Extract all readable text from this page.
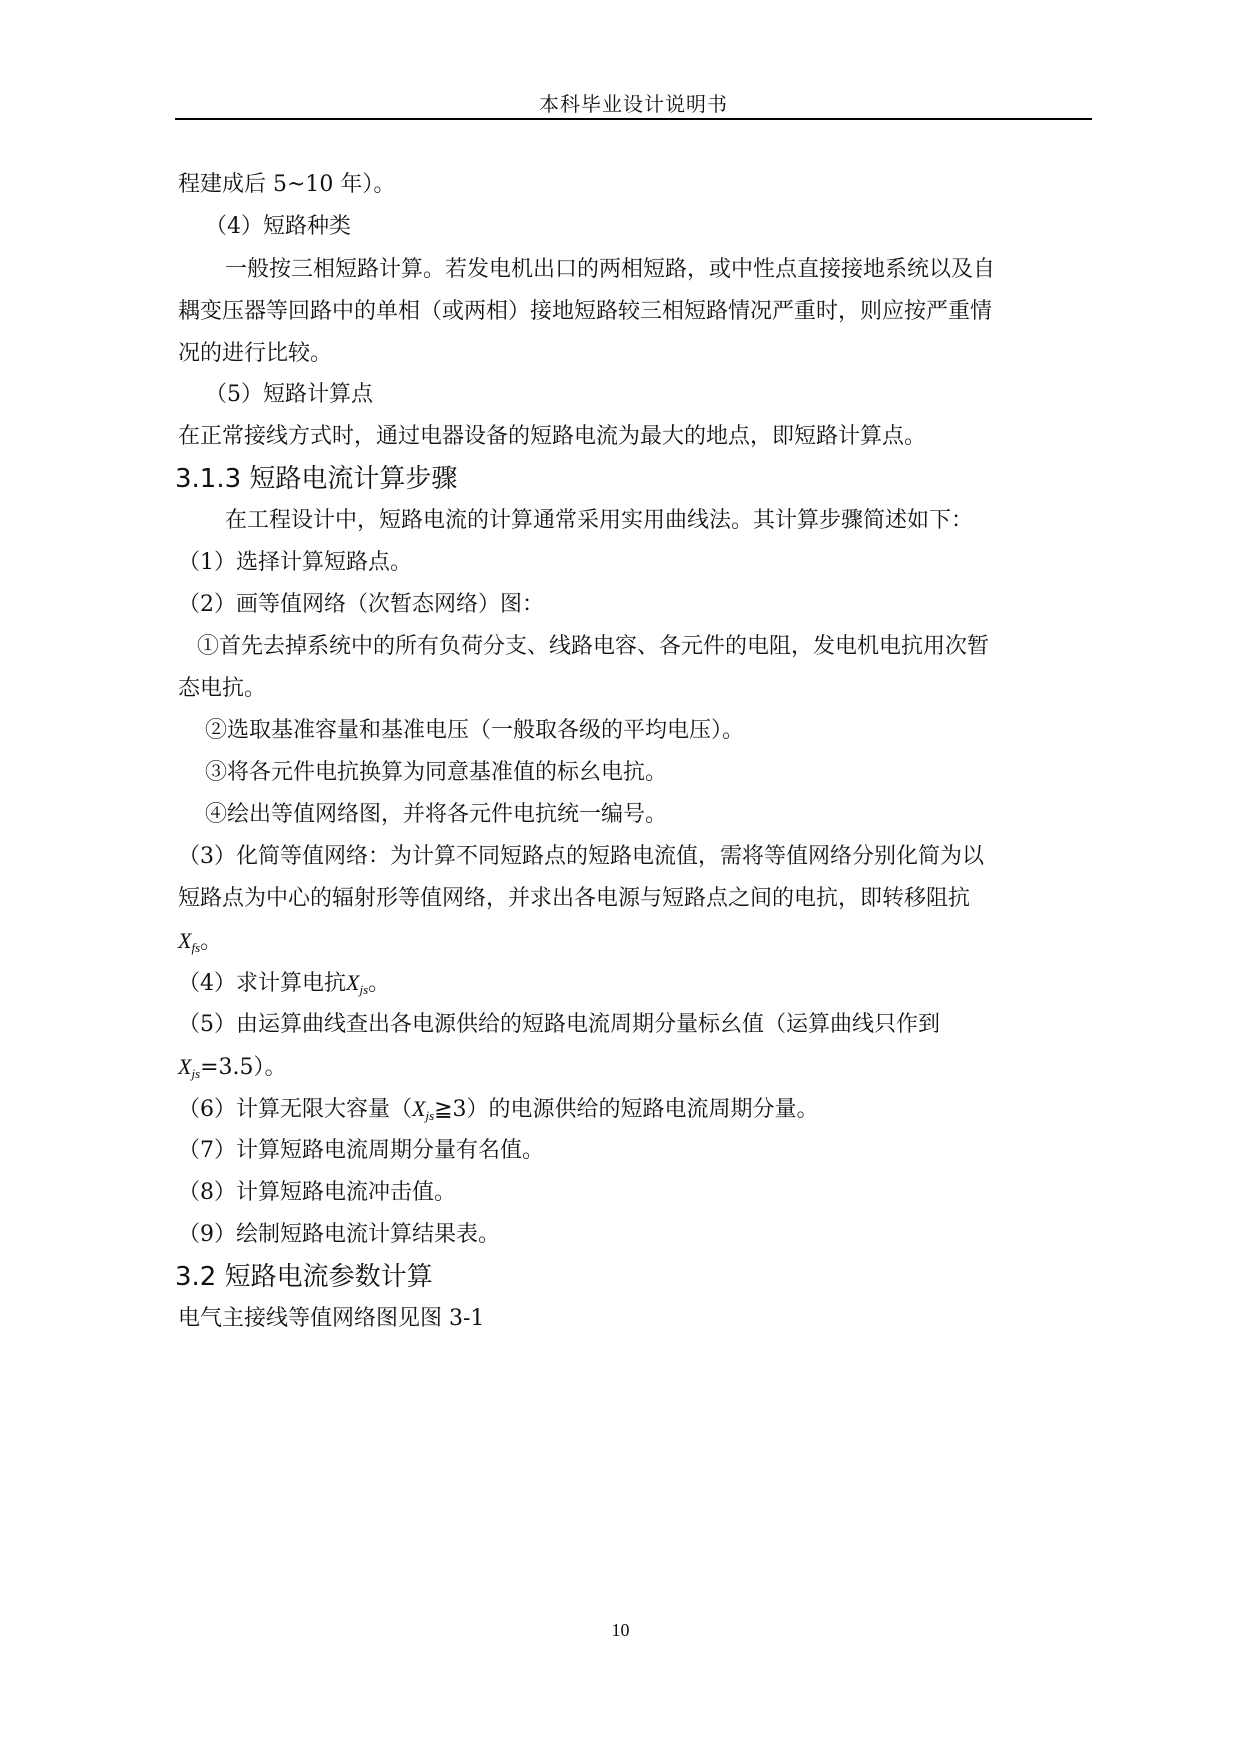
本科毕业设计说明书
程建成后 5~10 年）。
（4）短路种类
一般按三相短路计算。若发电机出口的两相短路，或中性点直接接地系统以及自
耦变压器等回路中的单相（或两相）接地短路较三相短路情况严重时，则应按严重情
况的进行比较。
（5）短路计算点
在正常接线方式时，通过电器设备的短路电流为最大的地点，即短路计算点。
3.1.3 短路电流计算步骤
在工程设计中，短路电流的计算通常采用实用曲线法。其计算步骤简述如下：
（1）选择计算短路点。
（2）画等值网络（次暂态网络）图：
①首先去掉系统中的所有负荷分支、线路电容、各元件的电阻，发电机电抗用次暂
态电抗。
②选取基准容量和基准电压（一般取各级的平均电压）。
③将各元件电抗换算为同意基准值的标幺电抗。
④绘出等值网络图，并将各元件电抗统一编号。
（3）化简等值网络：为计算不同短路点的短路电流值，需将等值网络分别化简为以
短路点为中心的辐射形等值网络，并求出各电源与短路点之间的电抗，即转移阻抗
$X_{fs}$。
（4）求计算电抗$X_{js}$。
（5）由运算曲线查出各电源供给的短路电流周期分量标幺值（运算曲线只作到
$X_{js}=3.5$）。
（6）计算无限大容量$(X_{js}≧3)$的电源供给的短路电流周期分量。
（7）计算短路电流周期分量有名值。
（8）计算短路电流冲击值。
（9）绘制短路电流计算结果表。
3.2 短路电流参数计算
电气主接线等值网络图见图 3-1
10
